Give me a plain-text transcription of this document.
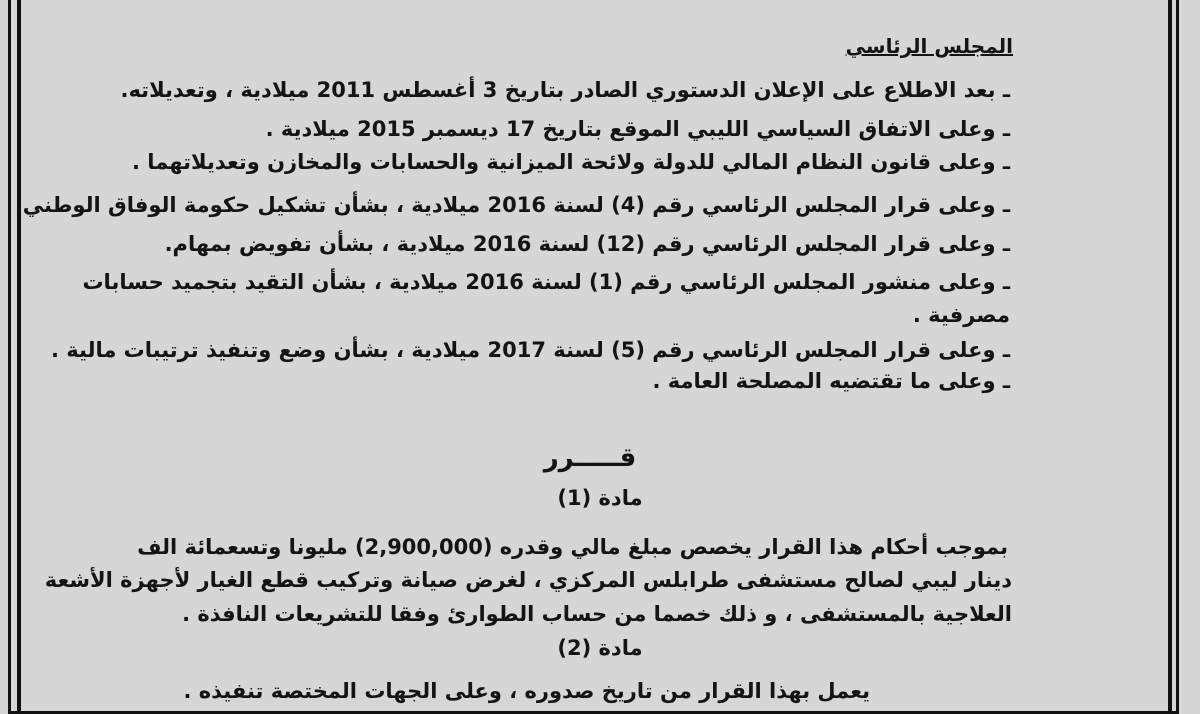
المجلس الرئاسي
ـ بعد الاطلاع على الإعلان الدستوري الصادر بتاريخ 3 أغسطس 2011 ميلادية ، وتعديلاته.
ـ وعلى الاتفاق السياسي الليبي الموقع بتاريخ 17 ديسمبر 2015 ميلادية .
ـ وعلى قانون النظام المالي للدولة ولائحة الميزانية والحسابات والمخازن وتعديلاتهما .
ـ وعلى قرار المجلس الرئاسي رقم (4) لسنة 2016 ميلادية ، بشأن تشكيل حكومة الوفاق الوطني.
ـ وعلى قرار المجلس الرئاسي رقم (12) لسنة 2016 ميلادية ، بشأن تفويض بمهام.
ـ وعلى منشور المجلس الرئاسي رقم (1) لسنة 2016 ميلادية ، بشأن التقيد بتجميد حسابات
مصرفية .
ـ وعلى قرار المجلس الرئاسي رقم (5) لسنة 2017 ميلادية ، بشأن وضع وتنفيذ ترتيبات مالية .
ـ وعلى ما تقتضيه المصلحة العامة .
قـــــرر
مادة (1)
بموجب أحكام هذا القرار يخصص مبلغ مالي وقدره (2,900,000) مليونا وتسعمائة الف
دينار ليبي لصالح مستشفى طرابلس المركزي ، لغرض صيانة وتركيب قطع الغيار لأجهزة الأشعة
العلاجية بالمستشفى ، و ذلك خصما من حساب الطوارئ وفقا للتشريعات النافذة .
مادة (2)
يعمل بهذا القرار من تاريخ صدوره ، وعلى الجهات المختصة تنفيذه .
